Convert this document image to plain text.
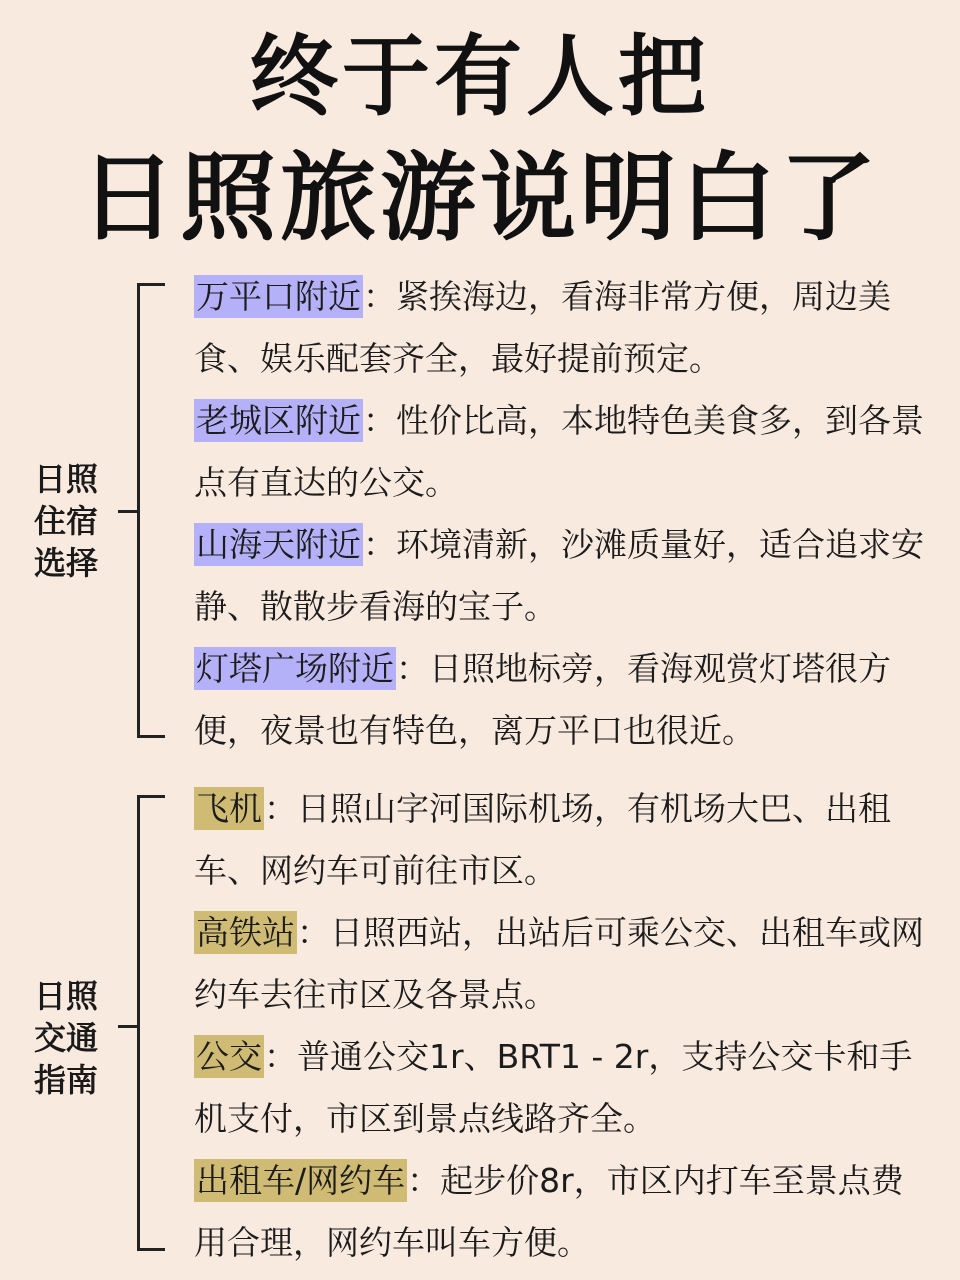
终于有人把
日照旅游说明白了
日照
住宿
选择

万平口附近：紧挨海边，看海非常方便，周边美食、娱乐配套齐全，最好提前预定。

老城区附近：性价比高，本地特色美食多，到各景点有直达的公交。

山海天附近：环境清新，沙滩质量好，适合追求安静、散散步看海的宝子。

灯塔广场附近：日照地标旁，看海观赏灯塔很方便，夜景也有特色，离万平口也很近。

日照
交通
指南

飞机：日照山字河国际机场，有机场大巴、出租车、网约车可前往市区。

高铁站：日照西站，出站后可乘公交、出租车或网约车去往市区及各景点。

公交：普通公交1r、BRT1 - 2r，支持公交卡和手机支付，市区到景点线路齐全。

出租车/网约车：起步价8r，市区内打车至景点费用合理，网约车叫车方便。
